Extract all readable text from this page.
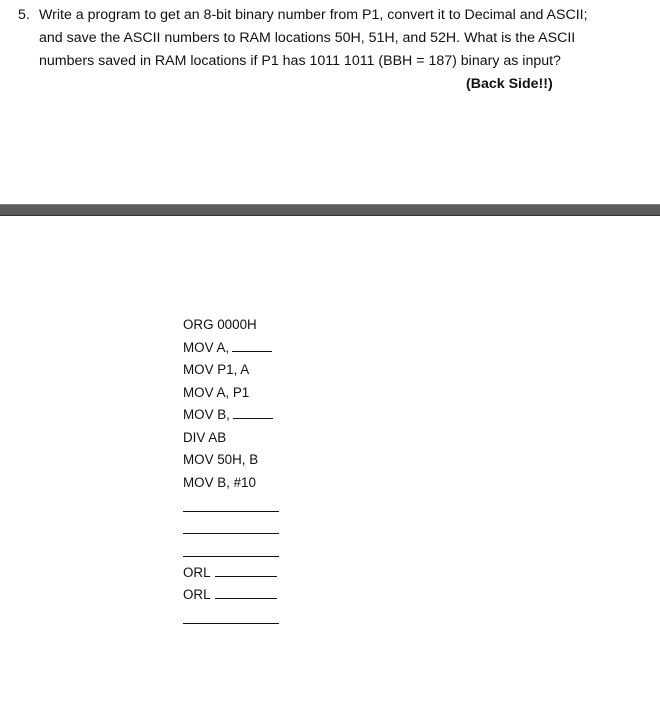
5. Write a program to get an 8-bit binary number from P1, convert it to Decimal and ASCII;
and save the ASCII numbers to RAM locations 50H, 51H, and 52H. What is the ASCII
numbers saved in RAM locations if P1 has 1011 1011 (BBH = 187) binary as input?
(Back Side!!)
ORG 0000H
MOV A,
MOV P1, A
MOV A, P1
MOV B,
DIV AB
MOV 50H, B
MOV B, #10
ORL
ORL
